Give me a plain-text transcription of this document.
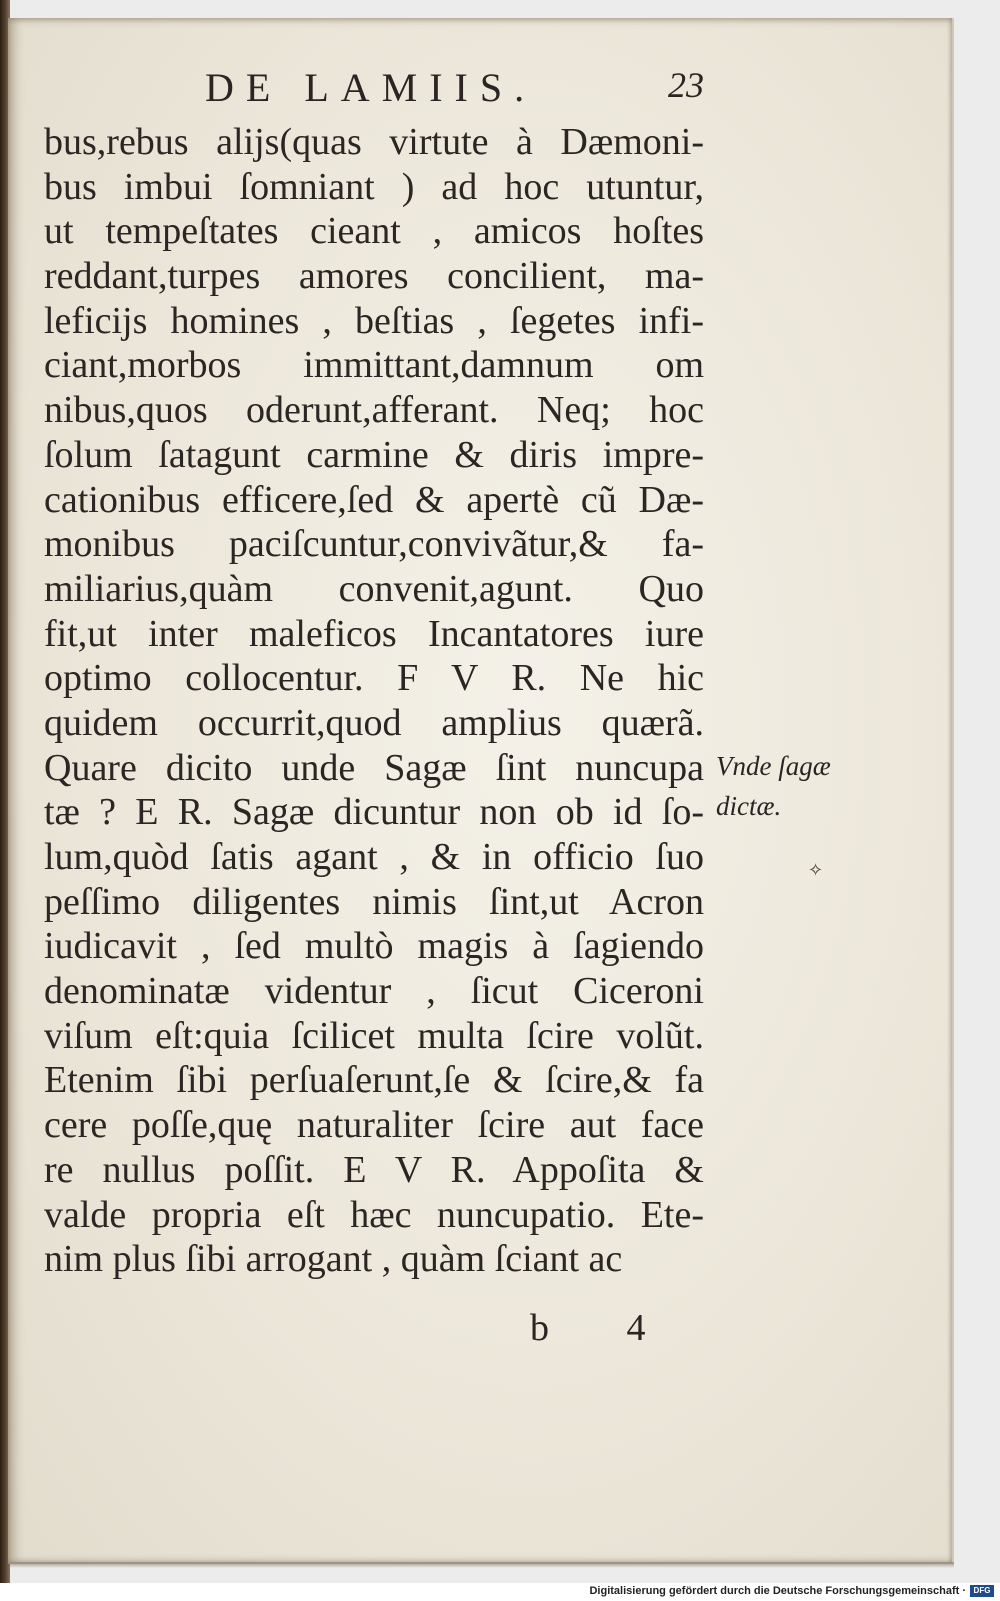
DE LAMIIS.	23
bus,rebus alijs(quas virtute à Dæmoni-
bus imbui ſomniant ) ad hoc utuntur,
ut tempeſtates cieant , amicos hoſtes
reddant,turpes amores concilient, ma-
leficijs homines , beſtias , ſegetes infi-
ciant,morbos immittant,damnum om
nibus,quos oderunt,afferant. Neq; hoc
ſolum ſatagunt carmine & diris impre-
cationibus efficere,ſed & apertè cũ Dæ-
monibus paciſcuntur,convivãtur,& fa-
miliarius,quàm convenit,agunt. Quo
fit,ut inter maleficos Incantatores iure
optimo collocentur. F V R. Ne hic
quidem occurrit,quod amplius quærã.
Quare dicito unde Sagæ ſint nuncupa
tæ ? E R. Sagæ dicuntur non ob id ſo-
lum,quòd ſatis agant , & in officio ſuo
peſſimo diligentes nimis ſint,ut Acron
iudicavit , ſed multò magis à ſagiendo
denominatæ videntur , ſicut Ciceroni
viſum eſt:quia ſcilicet multa ſcire volũt.
Etenim ſibi perſuaſerunt,ſe & ſcire,& fa
cere poſſe,quę naturaliter ſcire aut face
re nullus poſſit. E V R. Appoſita &
valde propria eſt hæc nuncupatio. Ete-
nim plus ſibi arrogant , quàm ſciant ac
Vnde ſagæ
dictæ.
✧
b 4
Digitalisierung gefördert durch die Deutsche Forschungsgemeinschaft · DFG
